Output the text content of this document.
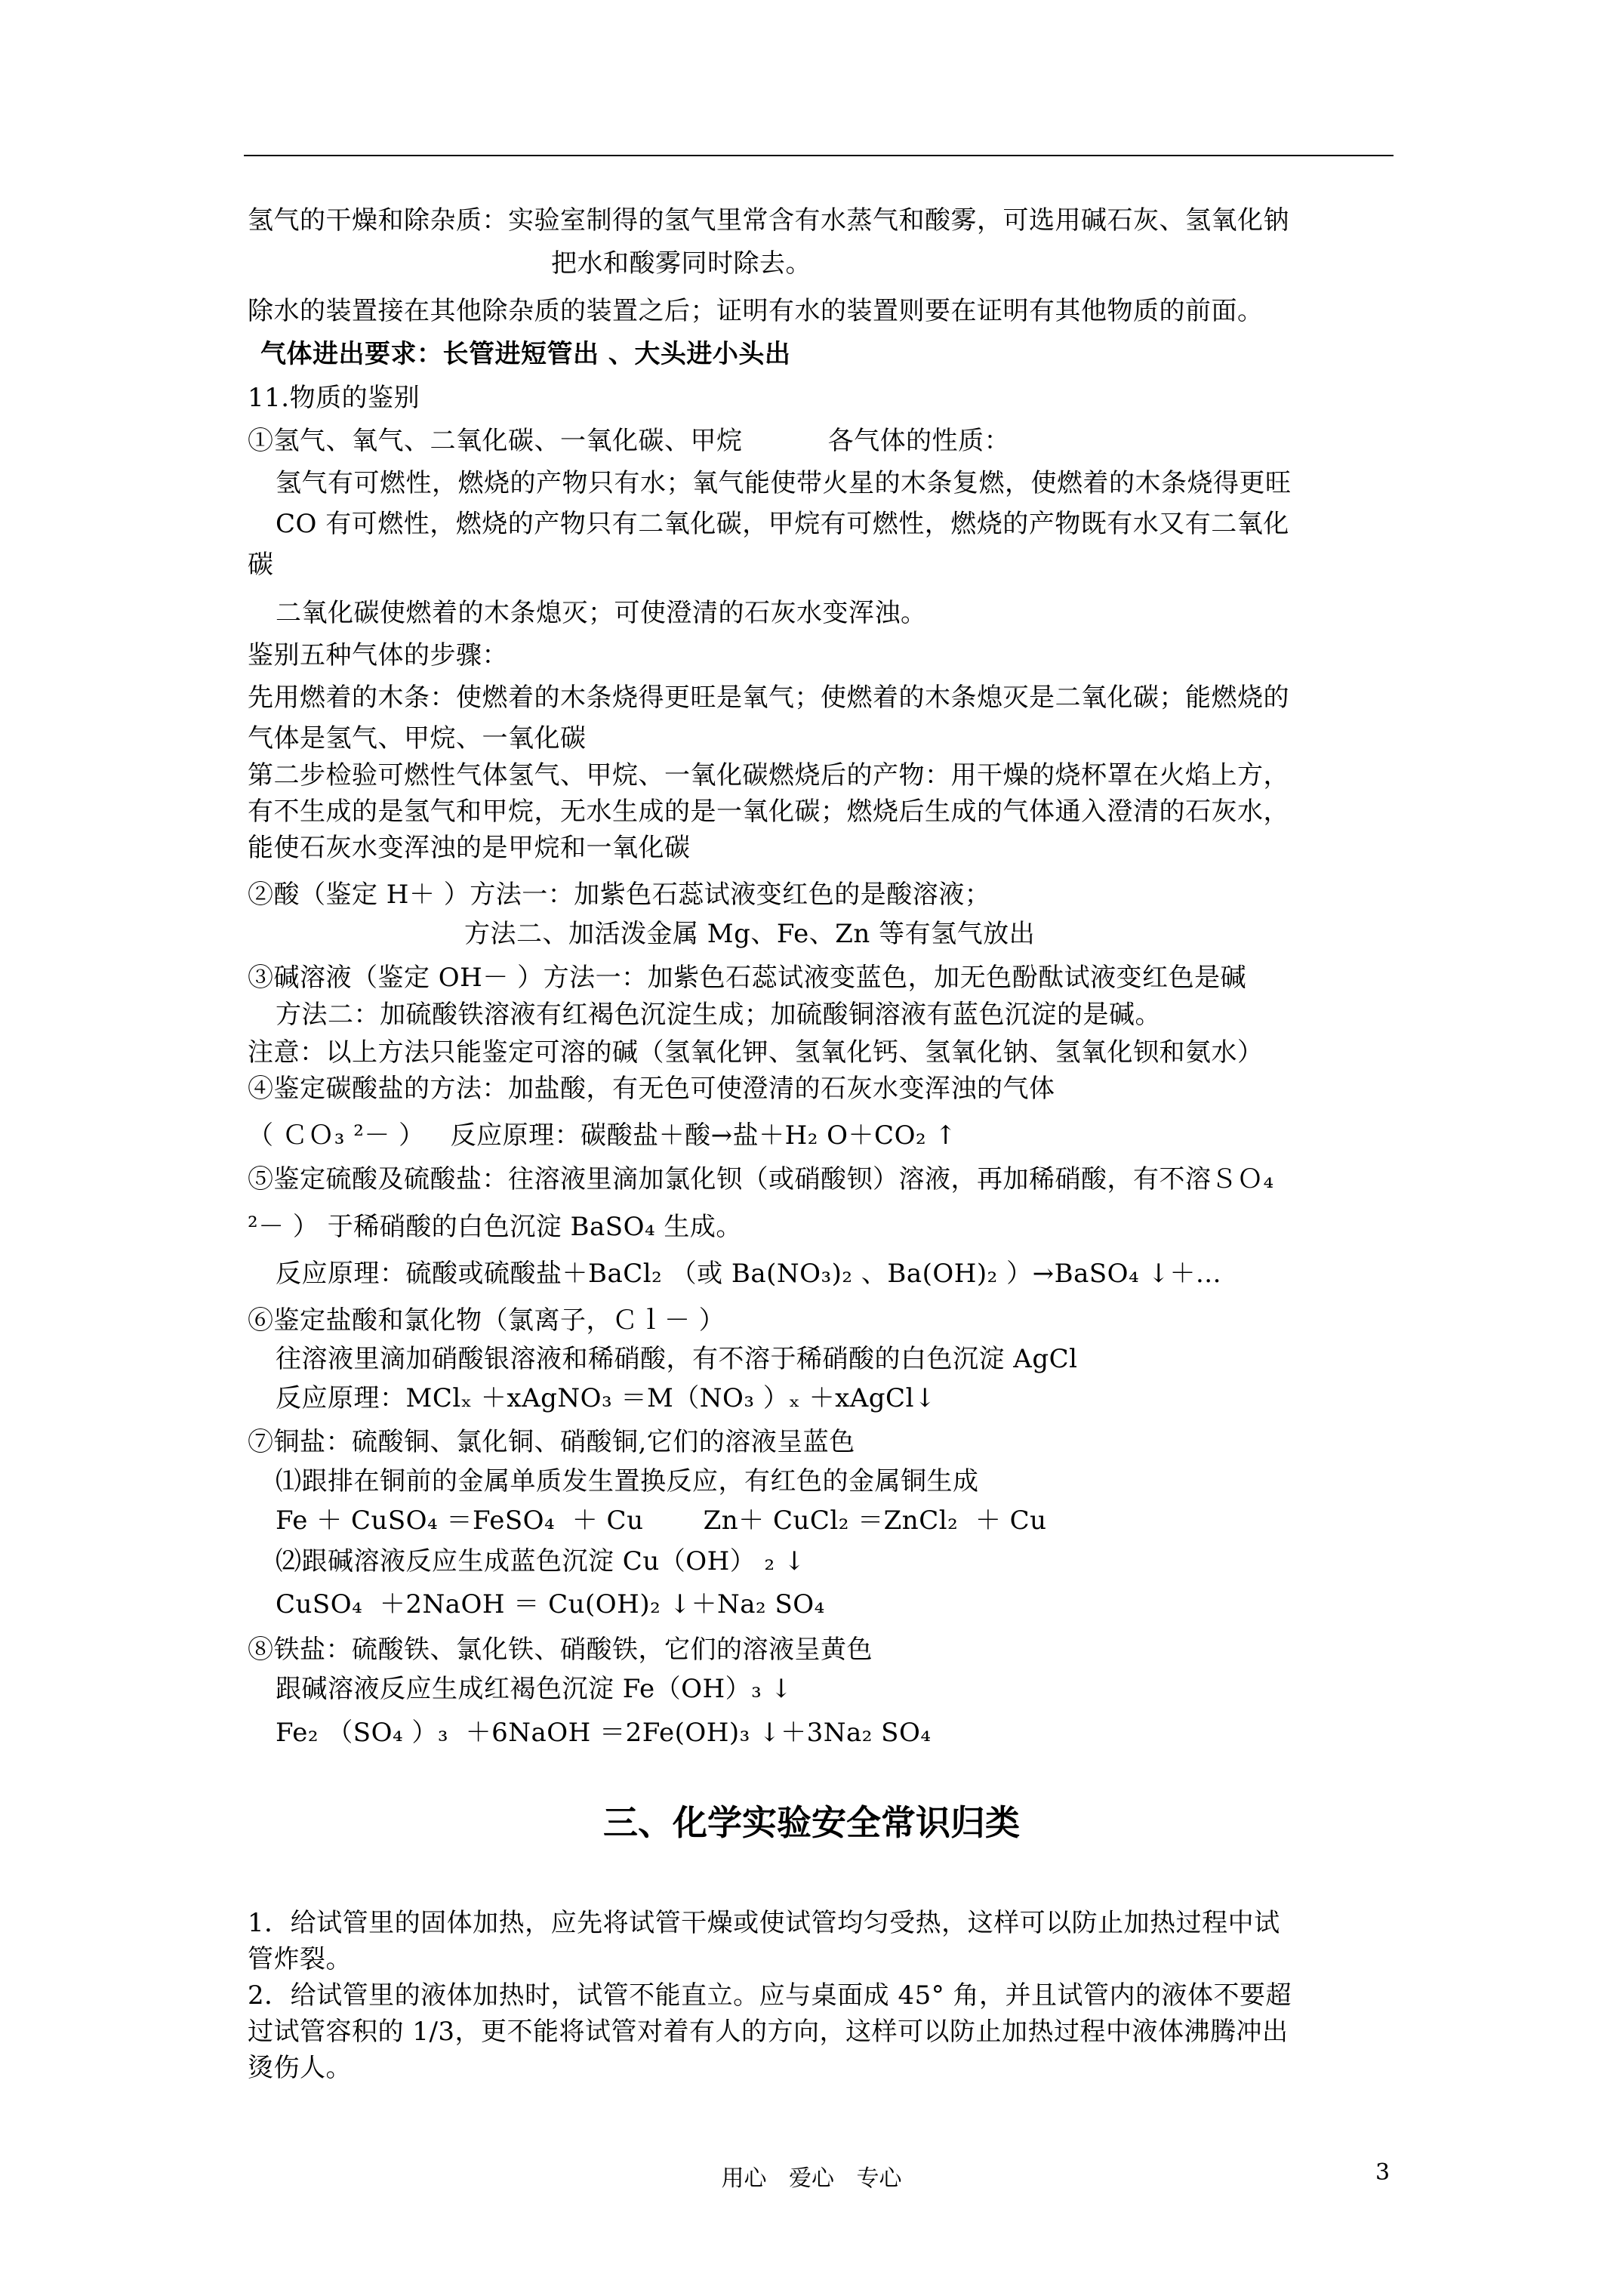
氢气的干燥和除杂质：实验室制得的氢气里常含有水蒸气和酸雾，可选用碱石灰、氢氧化钠
把水和酸雾同时除去。
除水的装置接在其他除杂质的装置之后；证明有水的装置则要在证明有其他物质的前面。
气体进出要求：长管进短管出 、大头进小头出
11.物质的鉴别
①氢气、氧气、二氧化碳、一氧化碳、甲烷          各气体的性质：
氢气有可燃性，燃烧的产物只有水；氧气能使带火星的木条复燃，使燃着的木条烧得更旺
CO 有可燃性，燃烧的产物只有二氧化碳，甲烷有可燃性，燃烧的产物既有水又有二氧化
碳
二氧化碳使燃着的木条熄灭；可使澄清的石灰水变浑浊。
鉴别五种气体的步骤：
先用燃着的木条：使燃着的木条烧得更旺是氧气；使燃着的木条熄灭是二氧化碳；能燃烧的
气体是氢气、甲烷、一氧化碳
第二步检验可燃性气体氢气、甲烷、一氧化碳燃烧后的产物：用干燥的烧杯罩在火焰上方，
有不生成的是氢气和甲烷，无水生成的是一氧化碳；燃烧后生成的气体通入澄清的石灰水，
能使石灰水变浑浊的是甲烷和一氧化碳
②酸（鉴定 H＋ ）方法一：加紫色石蕊试液变红色的是酸溶液；
方法二、加活泼金属 Mg、Fe、Zn 等有氢气放出
③碱溶液（鉴定 OH－ ）方法一：加紫色石蕊试液变蓝色，加无色酚酞试液变红色是碱
方法二：加硫酸铁溶液有红褐色沉淀生成；加硫酸铜溶液有蓝色沉淀的是碱。
注意：以上方法只能鉴定可溶的碱（氢氧化钾、氢氧化钙、氢氧化钠、氢氧化钡和氨水）
④鉴定碳酸盐的方法：加盐酸，有无色可使澄清的石灰水变浑浊的气体
（ ＣＯ₃ ²－ ）   反应原理：碳酸盐＋酸→盐＋H₂ O＋CO₂ ↑
⑤鉴定硫酸及硫酸盐：往溶液里滴加氯化钡（或硝酸钡）溶液，再加稀硝酸，有不溶ＳＯ₄
²－ ） 于稀硝酸的白色沉淀 BaSO₄ 生成。
反应原理：硫酸或硫酸盐＋BaCl₂ （或 Ba(NO₃)₂ 、Ba(OH)₂ ）→BaSO₄ ↓＋...
⑥鉴定盐酸和氯化物（氯离子，Ｃｌ－ ）
往溶液里滴加硝酸银溶液和稀硝酸，有不溶于稀硝酸的白色沉淀 AgCl
反应原理：MClₓ ＋xAgNO₃ ＝M（NO₃ ）ₓ ＋xAgCl↓
⑦铜盐：硫酸铜、氯化铜、硝酸铜,它们的溶液呈蓝色
⑴跟排在铜前的金属单质发生置换反应，有红色的金属铜生成
Fe ＋ CuSO₄ ＝FeSO₄  ＋ Cu       Zn＋ CuCl₂ ＝ZnCl₂  ＋ Cu
⑵跟碱溶液反应生成蓝色沉淀 Cu（OH） ₂ ↓
CuSO₄  ＋2NaOH ＝ Cu(OH)₂ ↓＋Na₂ SO₄
⑧铁盐：硫酸铁、氯化铁、硝酸铁，它们的溶液呈黄色
跟碱溶液反应生成红褐色沉淀 Fe（OH）₃ ↓
Fe₂ （SO₄ ）₃  ＋6NaOH ＝2Fe(OH)₃ ↓＋3Na₂ SO₄
1．给试管里的固体加热，应先将试管干燥或使试管均匀受热，这样可以防止加热过程中试
管炸裂。
2．给试管里的液体加热时，试管不能直立。应与桌面成 45° 角，并且试管内的液体不要超
过试管容积的 1/3，更不能将试管对着有人的方向，这样可以防止加热过程中液体沸腾冲出
烫伤人。
三、化学实验安全常识归类
用心 爱心 专心	3
